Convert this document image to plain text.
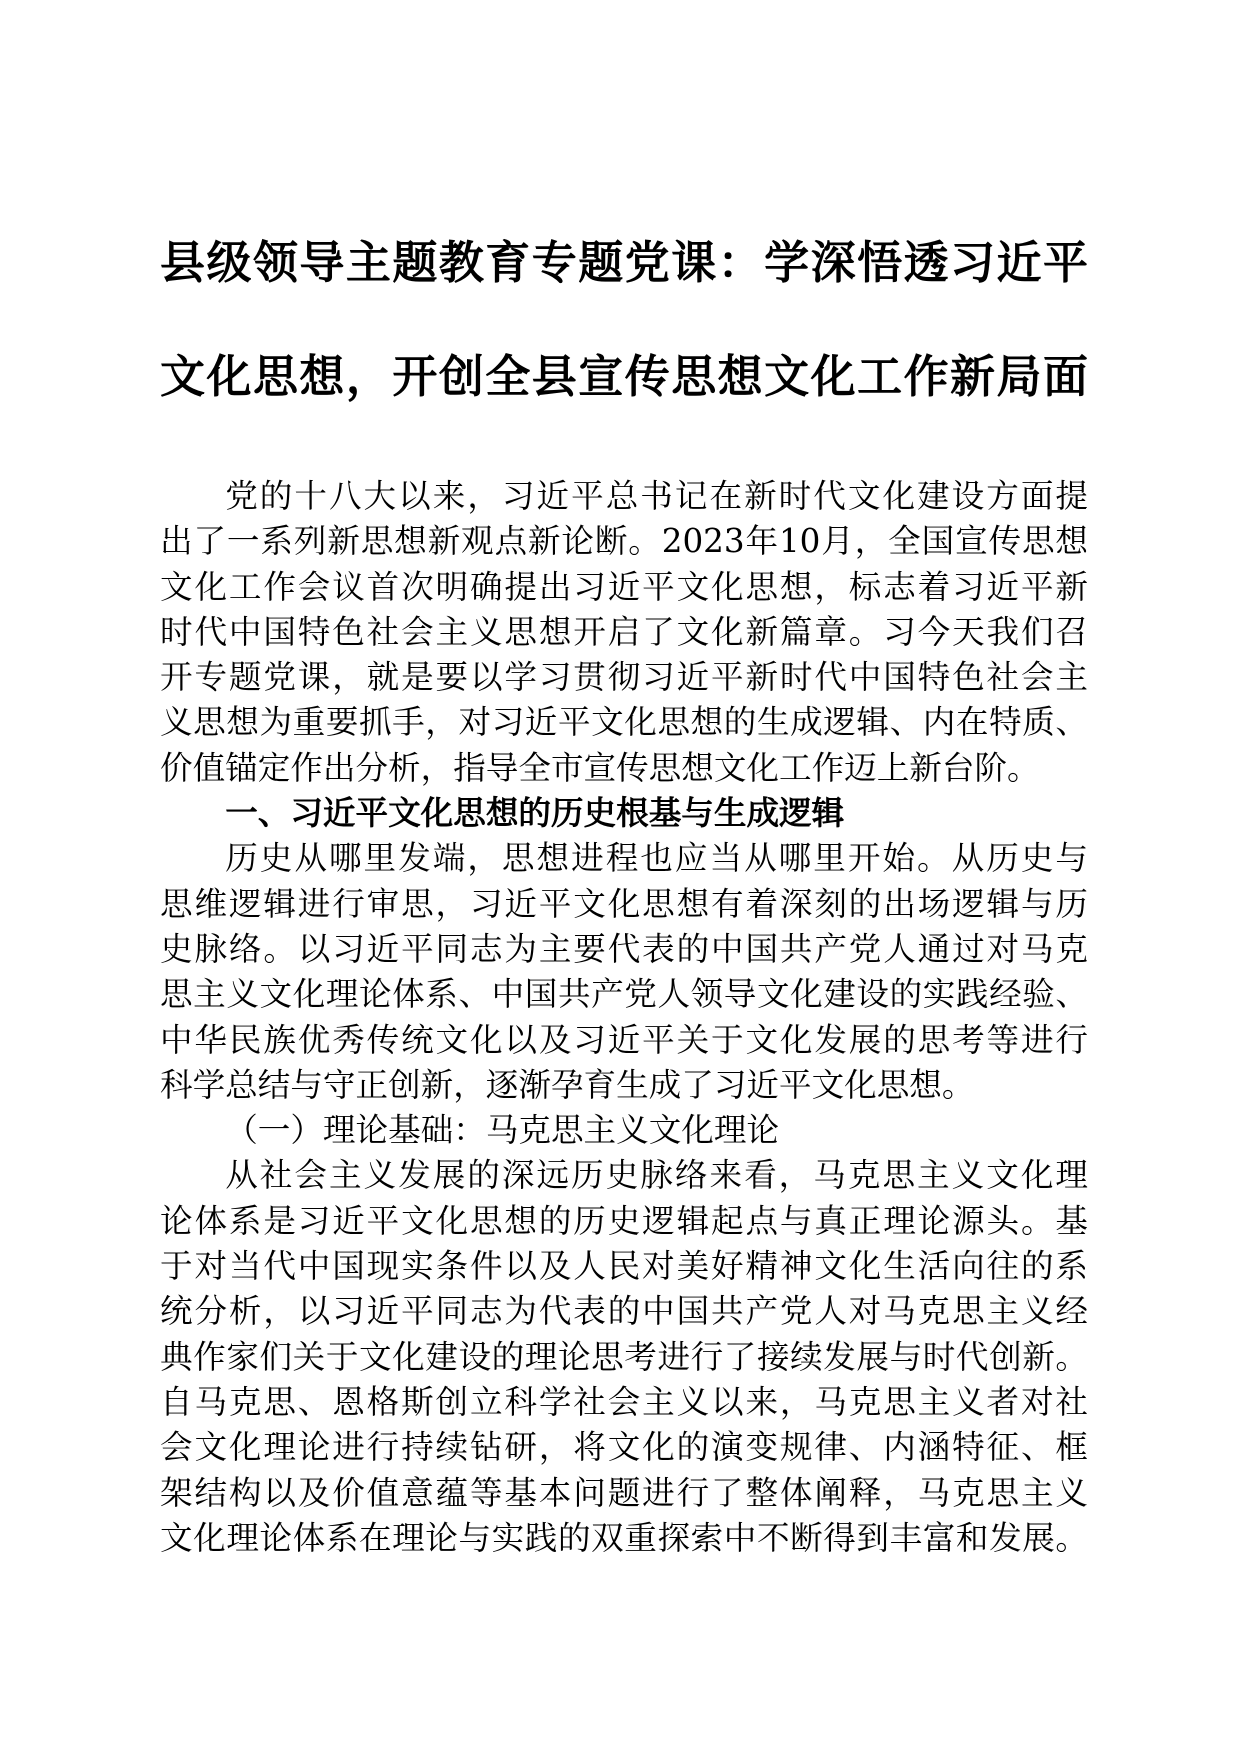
县级领导主题教育专题党课：学深悟透习近平
文化思想，开创全县宣传思想文化工作新局面
党的十八大以来，习近平总书记在新时代文化建设方面提
出了一系列新思想新观点新论断。2023年10月，全国宣传思想
文化工作会议首次明确提出习近平文化思想，标志着习近平新
时代中国特色社会主义思想开启了文化新篇章。习今天我们召
开专题党课，就是要以学习贯彻习近平新时代中国特色社会主
义思想为重要抓手，对习近平文化思想的生成逻辑、内在特质、
价值锚定作出分析，指导全市宣传思想文化工作迈上新台阶。
一、习近平文化思想的历史根基与生成逻辑
历史从哪里发端，思想进程也应当从哪里开始。从历史与
思维逻辑进行审思，习近平文化思想有着深刻的出场逻辑与历
史脉络。以习近平同志为主要代表的中国共产党人通过对马克
思主义文化理论体系、中国共产党人领导文化建设的实践经验、
中华民族优秀传统文化以及习近平关于文化发展的思考等进行
科学总结与守正创新，逐渐孕育生成了习近平文化思想。
（一）理论基础：马克思主义文化理论
从社会主义发展的深远历史脉络来看，马克思主义文化理
论体系是习近平文化思想的历史逻辑起点与真正理论源头。基
于对当代中国现实条件以及人民对美好精神文化生活向往的系
统分析，以习近平同志为代表的中国共产党人对马克思主义经
典作家们关于文化建设的理论思考进行了接续发展与时代创新。
自马克思、恩格斯创立科学社会主义以来，马克思主义者对社
会文化理论进行持续钻研，将文化的演变规律、内涵特征、框
架结构以及价值意蕴等基本问题进行了整体阐释，马克思主义
文化理论体系在理论与实践的双重探索中不断得到丰富和发展。
